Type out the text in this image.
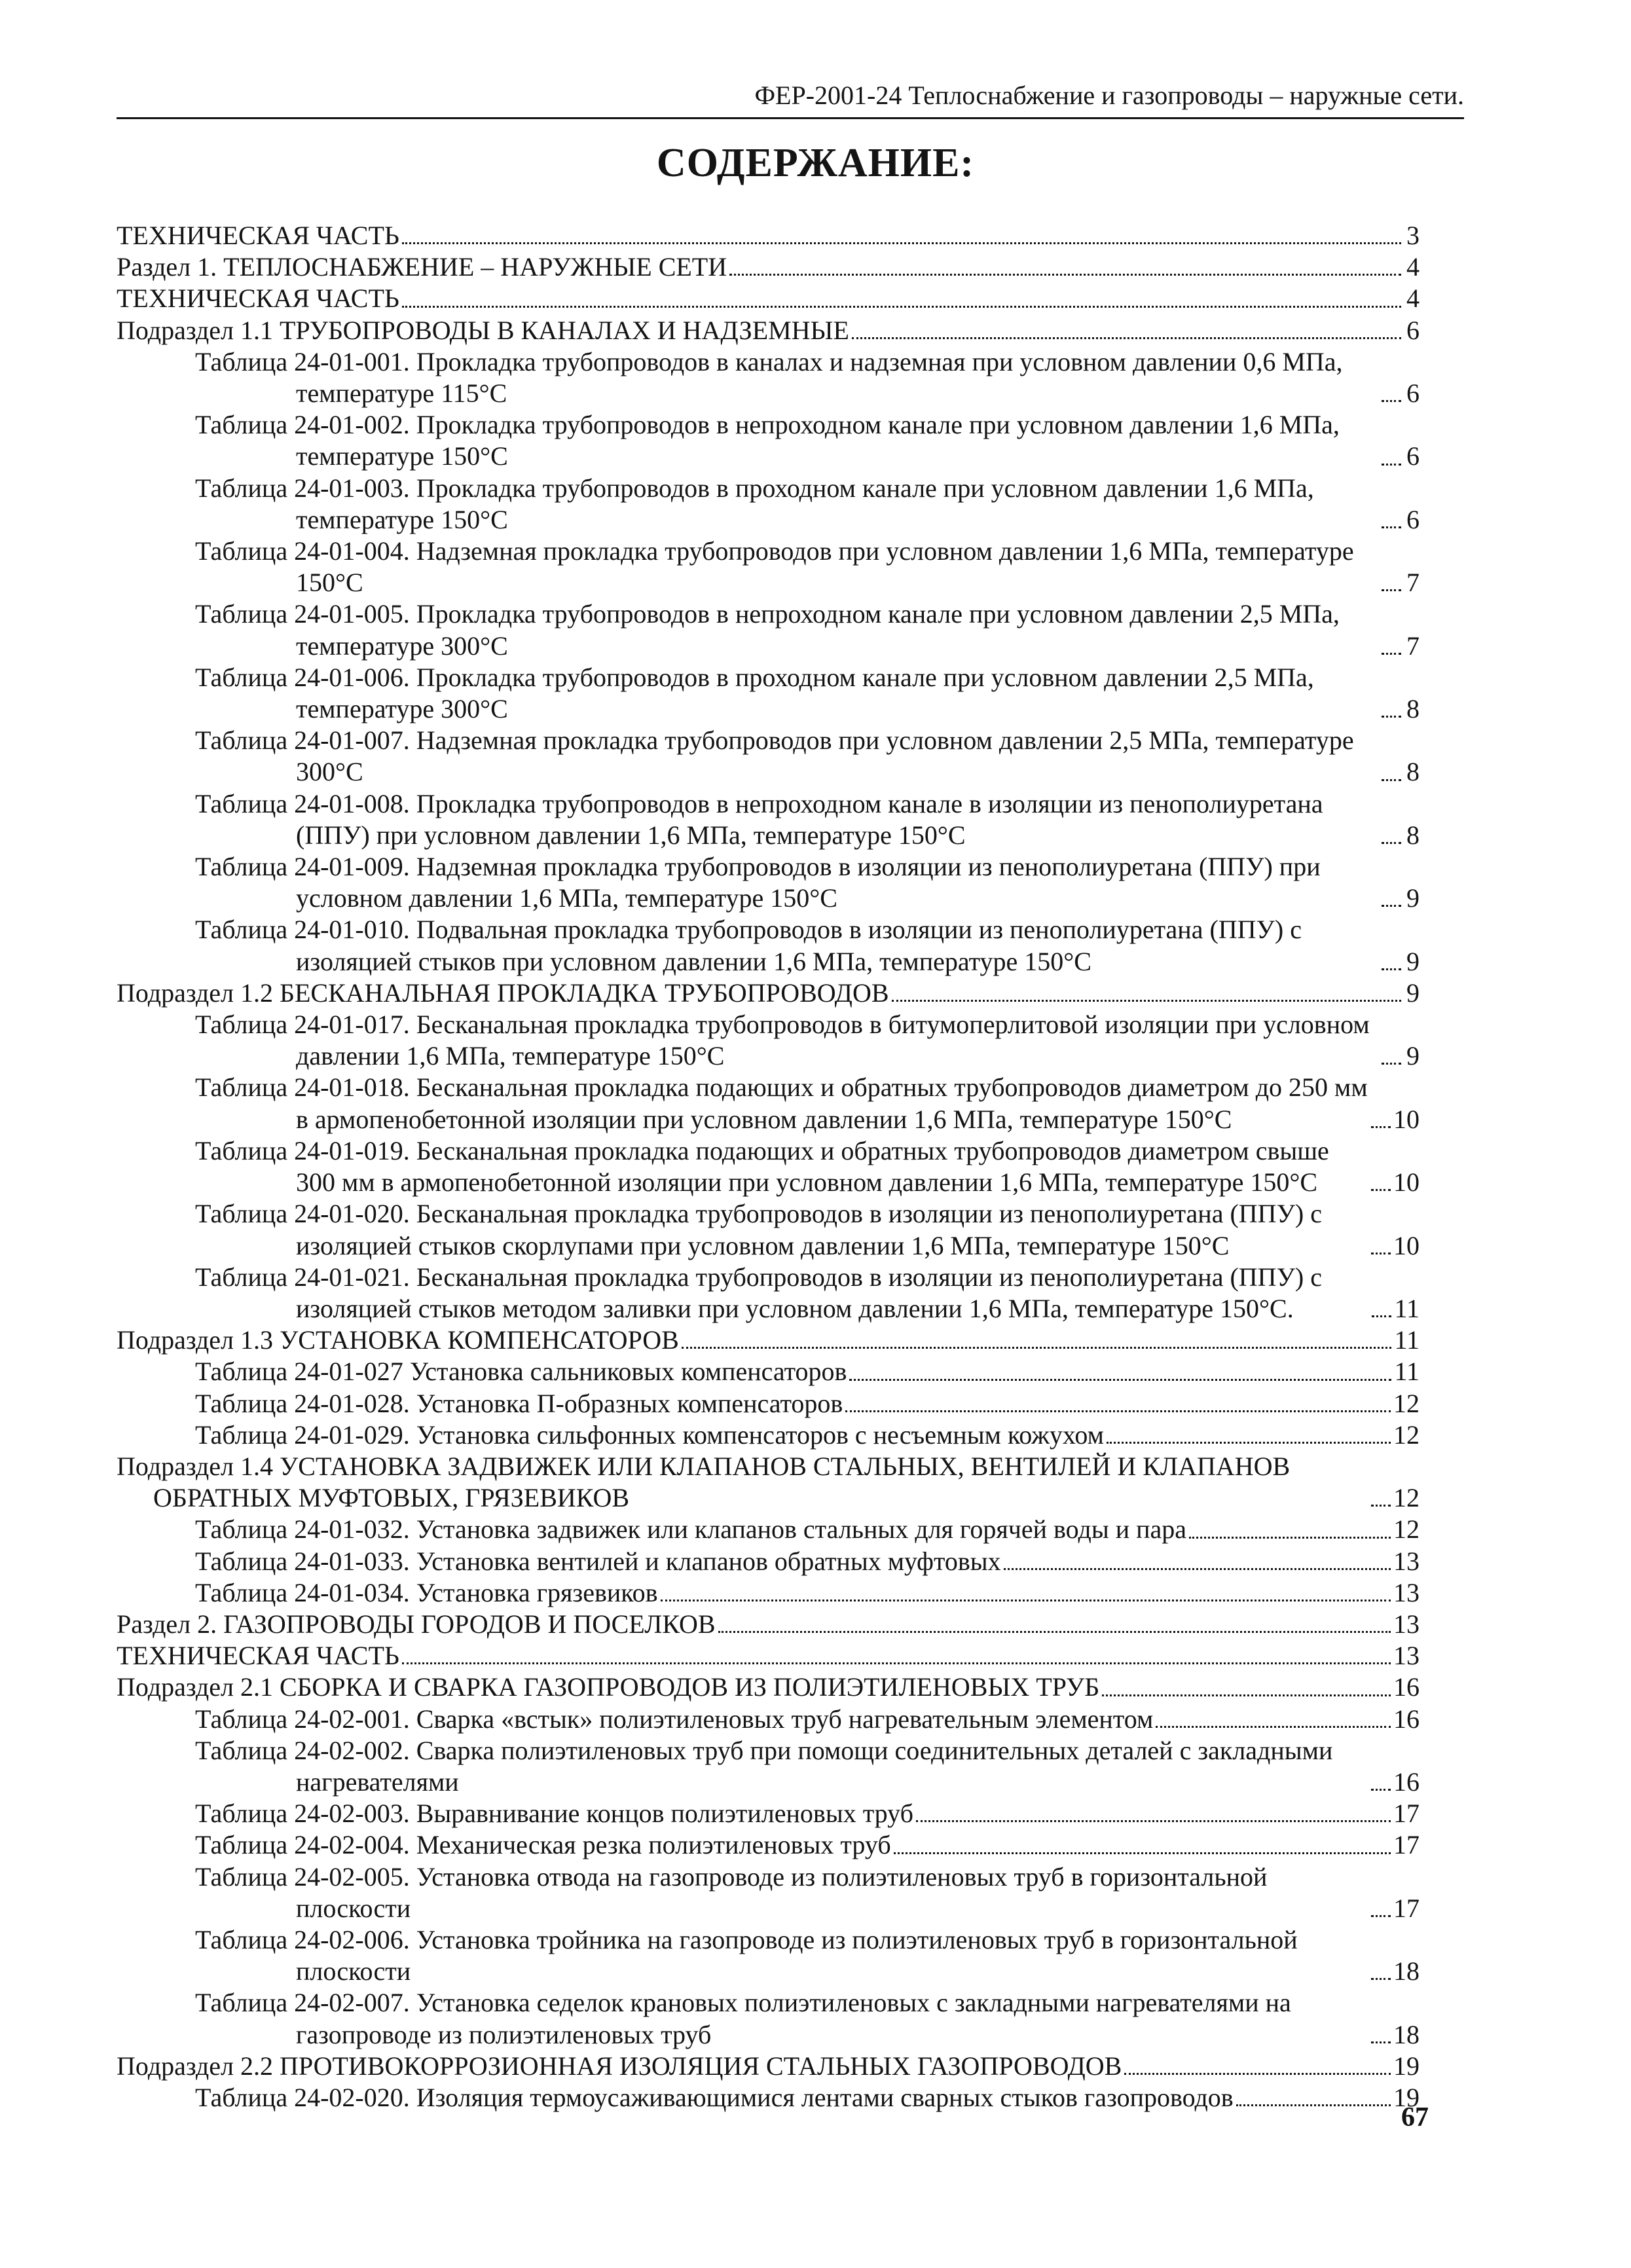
ФЕР-2001-24 Теплоснабжение и газопроводы – наружные сети.
СОДЕРЖАНИЕ:
ТЕХНИЧЕСКАЯ ЧАСТЬ	3
Раздел 1. ТЕПЛОСНАБЖЕНИЕ – НАРУЖНЫЕ СЕТИ	4
ТЕХНИЧЕСКАЯ ЧАСТЬ	4
Подраздел 1.1 ТРУБОПРОВОДЫ В КАНАЛАХ И НАДЗЕМНЫЕ	6
Таблица 24-01-001. Прокладка трубопроводов в каналах и надземная при условном давлении 0,6 МПа, температуре 115°С	6
Таблица 24-01-002. Прокладка трубопроводов в непроходном канале при условном давлении 1,6 МПа, температуре 150°С	6
Таблица 24-01-003. Прокладка трубопроводов в проходном канале при условном давлении 1,6 МПа, температуре 150°С	6
Таблица 24-01-004. Надземная прокладка трубопроводов при условном давлении 1,6 МПа, температуре 150°С	7
Таблица 24-01-005. Прокладка трубопроводов в непроходном канале при условном давлении 2,5 МПа, температуре 300°С	7
Таблица 24-01-006. Прокладка трубопроводов в проходном канале при условном давлении 2,5 МПа, температуре 300°С	8
Таблица 24-01-007. Надземная прокладка трубопроводов при условном давлении 2,5 МПа, температуре 300°С	8
Таблица 24-01-008. Прокладка трубопроводов в непроходном канале в изоляции из пенополиуретана (ППУ) при условном давлении 1,6 МПа, температуре 150°С	8
Таблица 24-01-009. Надземная прокладка трубопроводов в изоляции из пенополиуретана (ППУ) при условном давлении 1,6 МПа, температуре 150°С	9
Таблица 24-01-010. Подвальная прокладка трубопроводов в изоляции из пенополиуретана (ППУ) с изоляцией стыков при условном давлении 1,6 МПа, температуре 150°С	9
Подраздел 1.2 БЕСКАНАЛЬНАЯ ПРОКЛАДКА ТРУБОПРОВОДОВ	9
Таблица 24-01-017. Бесканальная прокладка трубопроводов в битумоперлитовой изоляции при условном давлении 1,6 МПа, температуре 150°С	9
Таблица 24-01-018. Бесканальная прокладка подающих и обратных трубопроводов диаметром до 250 мм в армопенобетонной изоляции при условном давлении 1,6 МПа, температуре 150°С	10
Таблица 24-01-019. Бесканальная прокладка подающих и обратных трубопроводов диаметром свыше 300 мм в армопенобетонной изоляции при условном давлении 1,6 МПа, температуре 150°С	10
Таблица 24-01-020. Бесканальная прокладка трубопроводов в изоляции из пенополиуретана (ППУ) с изоляцией стыков скорлупами при условном давлении 1,6 МПа, температуре 150°С	10
Таблица 24-01-021. Бесканальная прокладка трубопроводов в изоляции из пенополиуретана (ППУ) с изоляцией стыков методом заливки при условном давлении 1,6 МПа, температуре 150°С.	11
Подраздел 1.3 УСТАНОВКА КОМПЕНСАТОРОВ	11
Таблица 24-01-027 Установка сальниковых компенсаторов	11
Таблица 24-01-028. Установка П-образных компенсаторов	12
Таблица 24-01-029. Установка сильфонных компенсаторов с несъемным кожухом	12
Подраздел 1.4 УСТАНОВКА ЗАДВИЖЕК ИЛИ КЛАПАНОВ СТАЛЬНЫХ, ВЕНТИЛЕЙ И КЛАПАНОВ ОБРАТНЫХ МУФТОВЫХ, ГРЯЗЕВИКОВ	12
Таблица 24-01-032. Установка задвижек или клапанов стальных для горячей воды и пара	12
Таблица 24-01-033. Установка вентилей и клапанов обратных муфтовых	13
Таблица 24-01-034. Установка грязевиков	13
Раздел 2. ГАЗОПРОВОДЫ ГОРОДОВ И ПОСЕЛКОВ	13
ТЕХНИЧЕСКАЯ ЧАСТЬ	13
Подраздел 2.1 СБОРКА И СВАРКА ГАЗОПРОВОДОВ ИЗ ПОЛИЭТИЛЕНОВЫХ ТРУБ	16
Таблица 24-02-001. Сварка «встык» полиэтиленовых труб нагревательным элементом	16
Таблица 24-02-002. Сварка полиэтиленовых труб при помощи соединительных деталей с закладными нагревателями	16
Таблица 24-02-003. Выравнивание концов полиэтиленовых труб	17
Таблица 24-02-004. Механическая резка полиэтиленовых труб	17
Таблица 24-02-005. Установка отвода на газопроводе из полиэтиленовых труб в горизонтальной плоскости	17
Таблица 24-02-006. Установка тройника на газопроводе из полиэтиленовых труб в горизонтальной плоскости	18
Таблица 24-02-007. Установка седелок крановых полиэтиленовых с закладными нагревателями на газопроводе из полиэтиленовых труб	18
Подраздел 2.2 ПРОТИВОКОРРОЗИОННАЯ ИЗОЛЯЦИЯ СТАЛЬНЫХ ГАЗОПРОВОДОВ	19
Таблица 24-02-020. Изоляция термоусаживающимися лентами сварных стыков газопроводов	19
67
